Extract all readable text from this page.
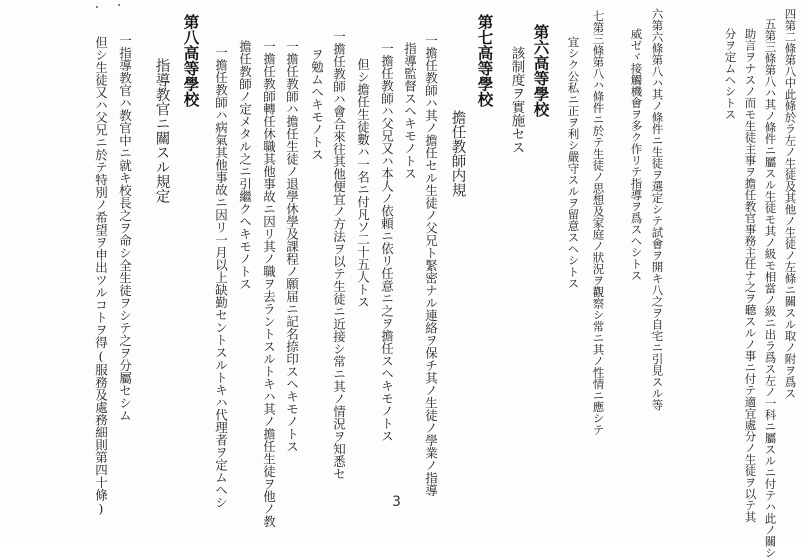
四第二條第八中此條於ラ左ノ生徒及其他ノ生徒ノ左條ニ關スル取ノ附ヲ爲ス
五第三條第八ハ其ノ條件ニ屬スル生徒モ其ノ級モ相當ノ級ニ出ラ爲ス左ノ一科ニ屬スルニ付テハ此ノ關シ
助言ヲナスノ而モ生徒主事ヲ擔任教官事務主任ナ之ヲ聽スルノ事ニ付テ適宜處分ノ生徒ヲ以テ其
分ヲ定ムヘシトス
六第六條第八ハ其ノ條件ニ生徒ヲ選定シテ試會ヲ開キ八之ヲ自宅ニ引見スル等
威ゼヾ接觸機會ヲ多ク作リテ指導ヲ爲スヘシトス
七第三條第八ハ條件ニ於テ生徒ノ思想及家庭ノ狀況ヲ觀察シ常ニ其ノ性情ニ應シテ
宜シク公私ニ正ヲ利シ嚴守スルヲ留意スヘシトス
第六高等學校
該制度ヲ實施セス
第七高等學校
擔任教師内規
一擔任教師ハ其ノ擔任セル生徒ノ父兄ト緊密ナル連絡ヲ保チ其ノ生徒ノ學業ノ指導
指導監督スヘキモノトス
一擔任教師ハ父兄又ハ本人ノ依頼ニ依リ任意ニ之ヲ擔任スヘキモノトス
但シ擔任生徒數ハ一名ニ付凡ソ二十五人トス
一擔任教師ハ會合來往其他便宜ノ方法ヲ以テ生徒ニ近接シ常ニ其ノ情況ヲ知悉セ
ヲ勉ムヘキモノトス
一擔任教師ハ擔任生徒ノ退學休學及課程ノ願届ニ記名捺印スヘキモノトス
一擔任教師轉任休職其他事故ニ因リ其ノ職ヲ去ラントスルトキハ其ノ擔任生徒ヲ他ノ教
擔任教師ノ定メタル之ニ引繼クヘキモノトス
一擔任教師ハ病氣其他事故ニ因リ一月以上缺勤セントスルトキハ代理者ヲ定ムヘシ
第八高等學校
指導教官ニ關スル規定
一指導教官ハ教官中ニ就キ校長之ヲ命シ全生徒ヲシテ之ヲ分屬セシム
但シ生徒又ハ父兄ニ於テ特別ノ希望ヲ申出ツルコトヲ得(服務及處務細則第四十條)	3
